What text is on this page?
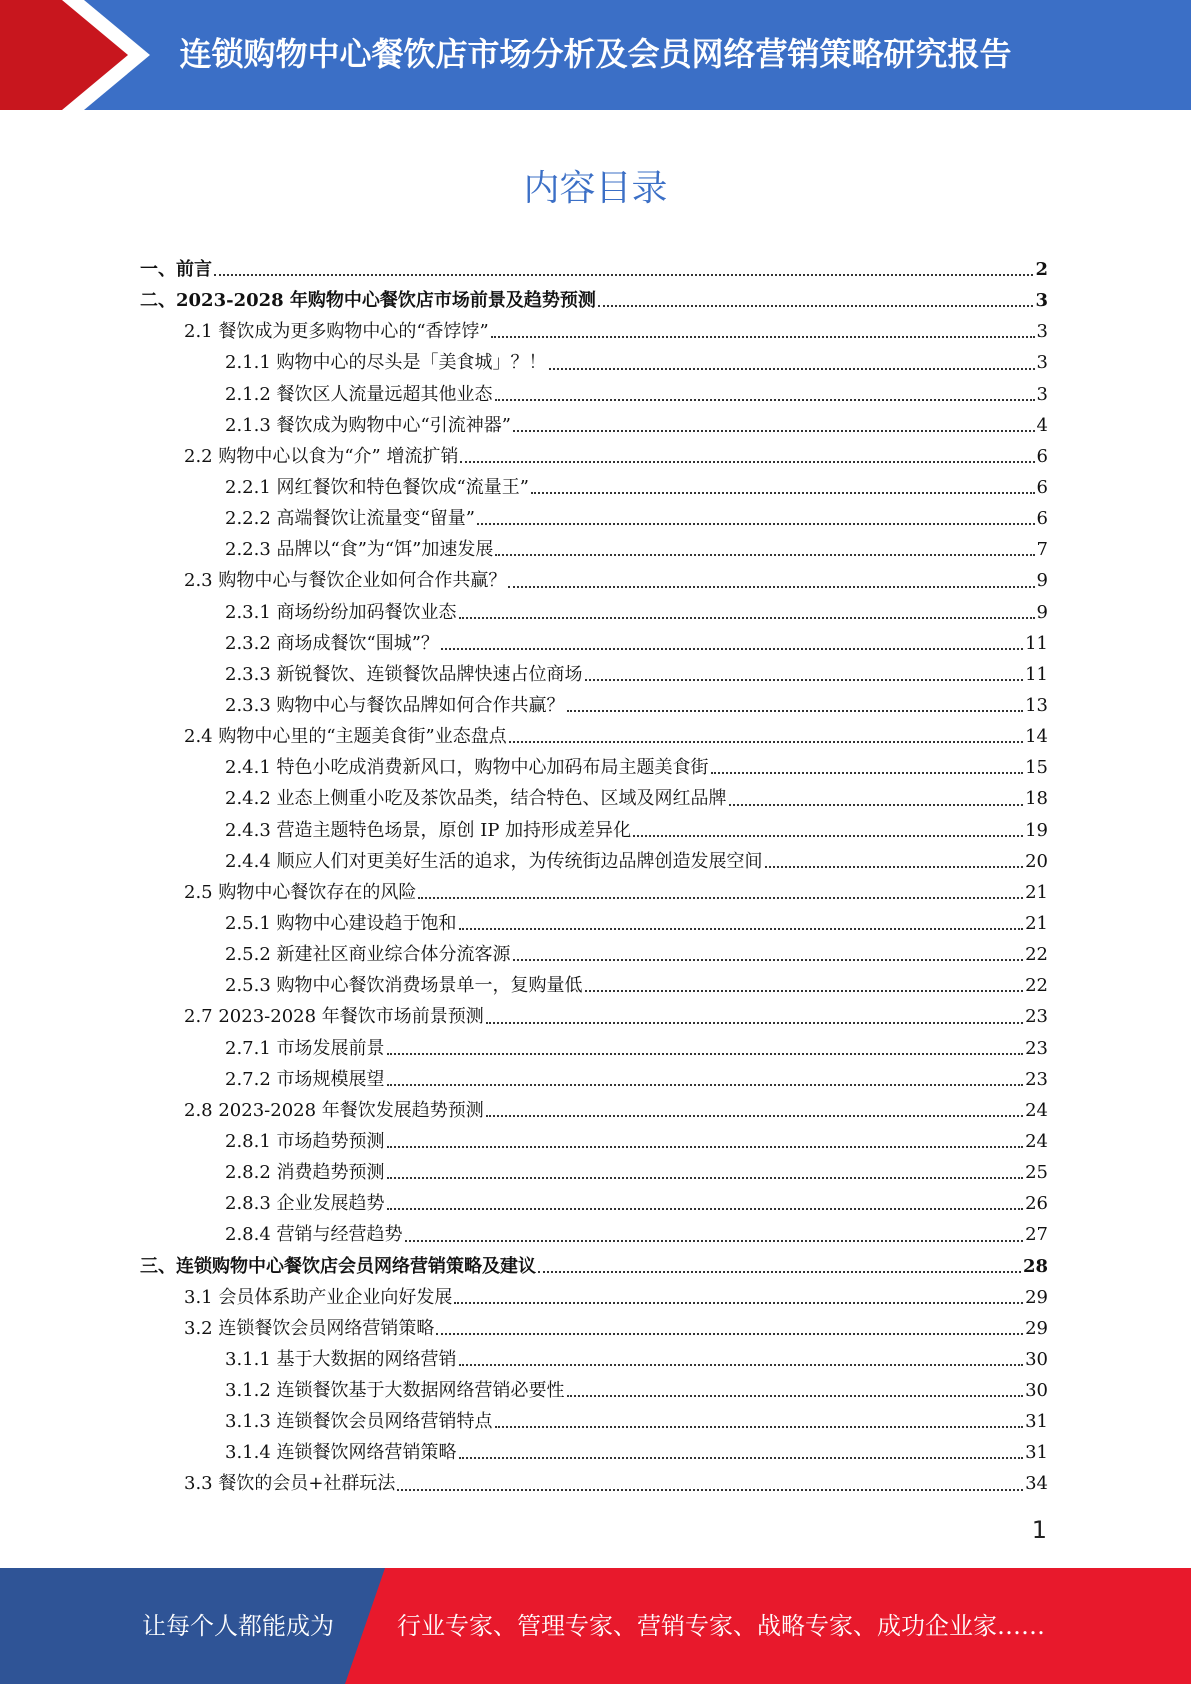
连锁购物中心餐饮店市场分析及会员网络营销策略研究报告
内容目录
一、前言	2
二、2023-2028 年购物中心餐饮店市场前景及趋势预测	3
2.1 餐饮成为更多购物中心的“香饽饽”	3
2.1.1 购物中心的尽头是「美食城」？！	3
2.1.2 餐饮区人流量远超其他业态	3
2.1.3 餐饮成为购物中心“引流神器”	4
2.2 购物中心以食为“介” 增流扩销	6
2.2.1 网红餐饮和特色餐饮成“流量王”	6
2.2.2 高端餐饮让流量变“留量”	6
2.2.3 品牌以“食”为“饵”加速发展	7
2.3 购物中心与餐饮企业如何合作共赢？	9
2.3.1 商场纷纷加码餐饮业态	9
2.3.2 商场成餐饮“围城”？	11
2.3.3 新锐餐饮、连锁餐饮品牌快速占位商场	11
2.3.3 购物中心与餐饮品牌如何合作共赢？	13
2.4 购物中心里的“主题美食街”业态盘点	14
2.4.1 特色小吃成消费新风口，购物中心加码布局主题美食街	15
2.4.2 业态上侧重小吃及茶饮品类，结合特色、区域及网红品牌	18
2.4.3 营造主题特色场景，原创 IP 加持形成差异化	19
2.4.4 顺应人们对更美好生活的追求，为传统街边品牌创造发展空间	20
2.5 购物中心餐饮存在的风险	21
2.5.1 购物中心建设趋于饱和	21
2.5.2 新建社区商业综合体分流客源	22
2.5.3 购物中心餐饮消费场景单一，复购量低	22
2.7 2023-2028 年餐饮市场前景预测	23
2.7.1 市场发展前景	23
2.7.2 市场规模展望	23
2.8 2023-2028 年餐饮发展趋势预测	24
2.8.1 市场趋势预测	24
2.8.2 消费趋势预测	25
2.8.3 企业发展趋势	26
2.8.4 营销与经营趋势	27
三、连锁购物中心餐饮店会员网络营销策略及建议	28
3.1 会员体系助产业企业向好发展	29
3.2 连锁餐饮会员网络营销策略	29
3.1.1 基于大数据的网络营销	30
3.1.2 连锁餐饮基于大数据网络营销必要性	30
3.1.3 连锁餐饮会员网络营销特点	31
3.1.4 连锁餐饮网络营销策略	31
3.3 餐饮的会员+社群玩法	34
1
让每个人都能成为	行业专家、管理专家、营销专家、战略专家、成功企业家……
